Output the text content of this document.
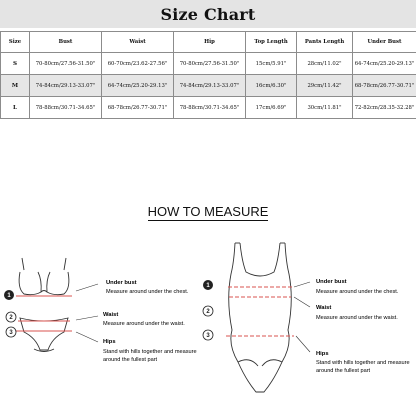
Size Chart
Size	Bust	Waist	Hip	Top Length	Pants Length	Under Bust
S	70-80cm/27.56-31.50"	60-70cm/23.62-27.56"	70-80cm/27.56-31.50"	15cm/5.91"	28cm/11.02"	64-74cm/25.20-29.13"
M	74-84cm/29.13-33.07"	64-74cm/25.20-29.13"	74-84cm/29.13-33.07"	16cm/6.30"	29cm/11.42"	68-78cm/26.77-30.71"
L	78-88cm/30.71-34.65"	68-78cm/26.77-30.71"	78-88cm/30.71-34.65"	17cm/6.69"	30cm/11.81"	72-82cm/28.35-32.28"
HOW TO MEASURE
1
2
3
Under bust
Measure around under the chest.
Waist
Measure around under the waist.
Hips
Stand with hills together and measure
around the fullest part
1
2
3
Under bust
Measure around under the chest.
Waist
Measure around under the waist.
Hips
Stand with hills together and measure
around the fullest part
